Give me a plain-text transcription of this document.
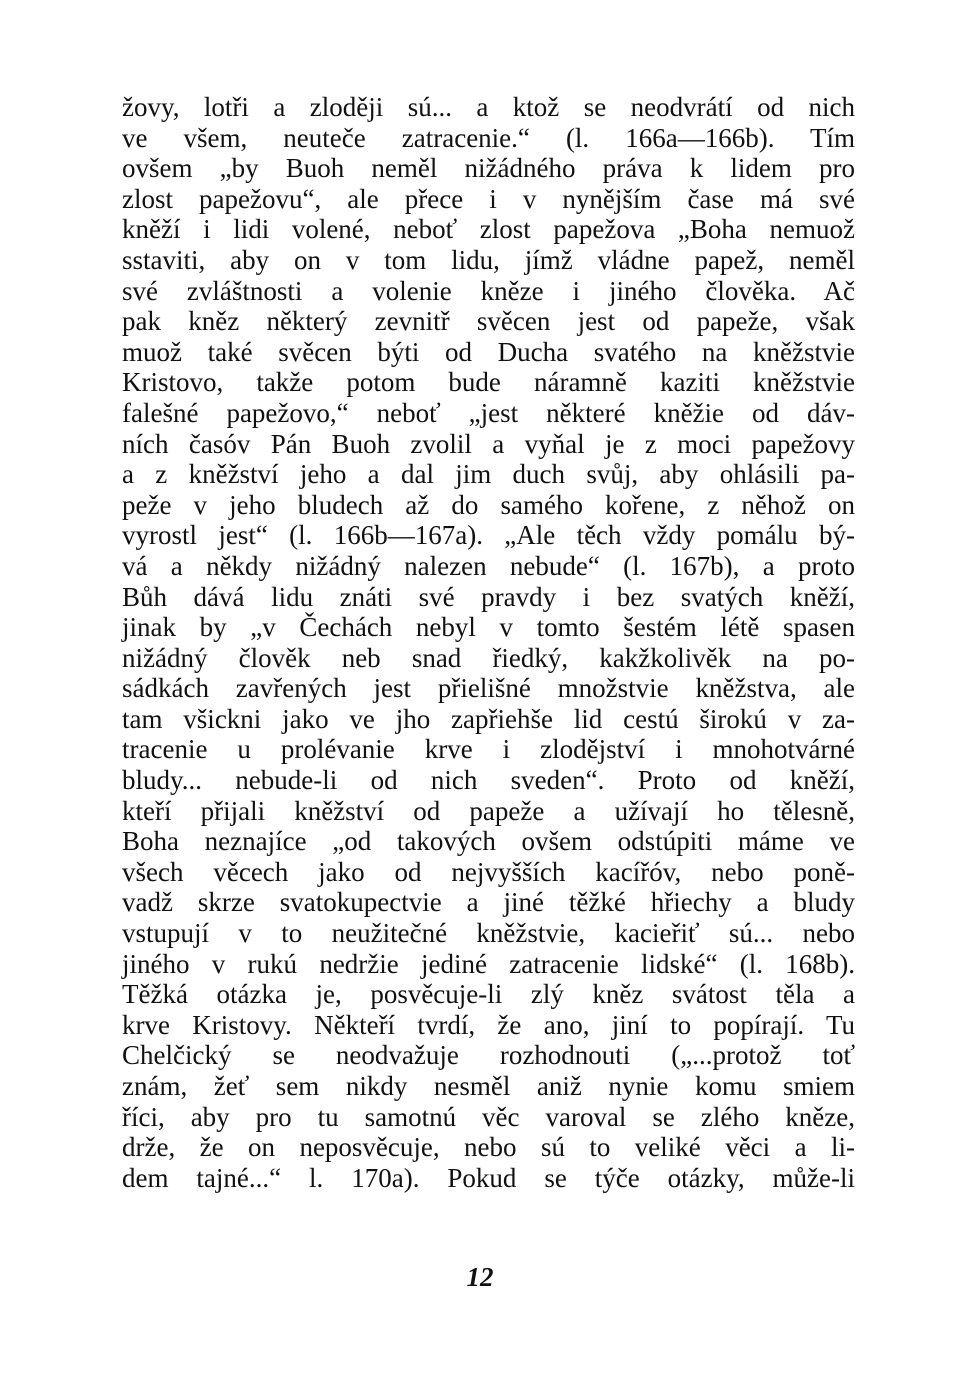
žovy, lotři a zloději sú... a ktož se neodvrátí od nich
ve všem, neuteče zatracenie.“ (l. 166a—166b). Tím
ovšem „by Buoh neměl nižádného práva k lidem pro
zlost papežovu“, ale přece i v nynějším čase má své
kněží i lidi volené, neboť zlost papežova „Boha nemuož
sstaviti, aby on v tom lidu, jímž vládne papež, neměl
své zvláštnosti a volenie kněze i jiného člověka. Ač
pak kněz některý zevnitř svěcen jest od papeže, však
muož také svěcen býti od Ducha svatého na kněžstvie
Kristovo, takže potom bude náramně kaziti kněžstvie
falešné papežovo,“ neboť „jest některé kněžie od dáv-
ních časóv Pán Buoh zvolil a vyňal je z moci papežovy
a z kněžství jeho a dal jim duch svůj, aby ohlásili pa-
peže v jeho bludech až do samého kořene, z něhož on
vyrostl jest“ (l. 166b—167a). „Ale těch vždy pomálu bý-
vá a někdy nižádný nalezen nebude“ (l. 167b), a proto
Bůh dává lidu znáti své pravdy i bez svatých kněží,
jinak by „v Čechách nebyl v tomto šestém létě spasen
nižádný člověk neb snad řiedký, kakžkolivěk na po-
sádkách zavřených jest přielišné množstvie kněžstva, ale
tam všickni jako ve jho zapřiehše lid cestú širokú v za-
tracenie u prolévanie krve i zlodějství i mnohotvárné
bludy... nebude-li od nich sveden“. Proto od kněží,
kteří přijali kněžství od papeže a užívají ho tělesně,
Boha neznajíce „od takových ovšem odstúpiti máme ve
všech věcech jako od nejvyšších kacířóv, nebo poně-
vadž skrze svatokupectvie a jiné těžké hřiechy a bludy
vstupují v to neužitečné kněžstvie, kacieřiť sú... nebo
jiného v rukú nedržie jediné zatracenie lidské“ (l. 168b).
Těžká otázka je, posvěcuje-li zlý kněz svátost těla a
krve Kristovy. Někteří tvrdí, že ano, jiní to popírají. Tu
Chelčický se neodvažuje rozhodnouti („...protož toť
znám, žeť sem nikdy nesměl aniž nynie komu smiem
říci, aby pro tu samotnú věc varoval se zlého kněze,
drže, že on neposvěcuje, nebo sú to veliké věci a li-
dem tajné...“ l. 170a). Pokud se týče otázky, může-li
12
